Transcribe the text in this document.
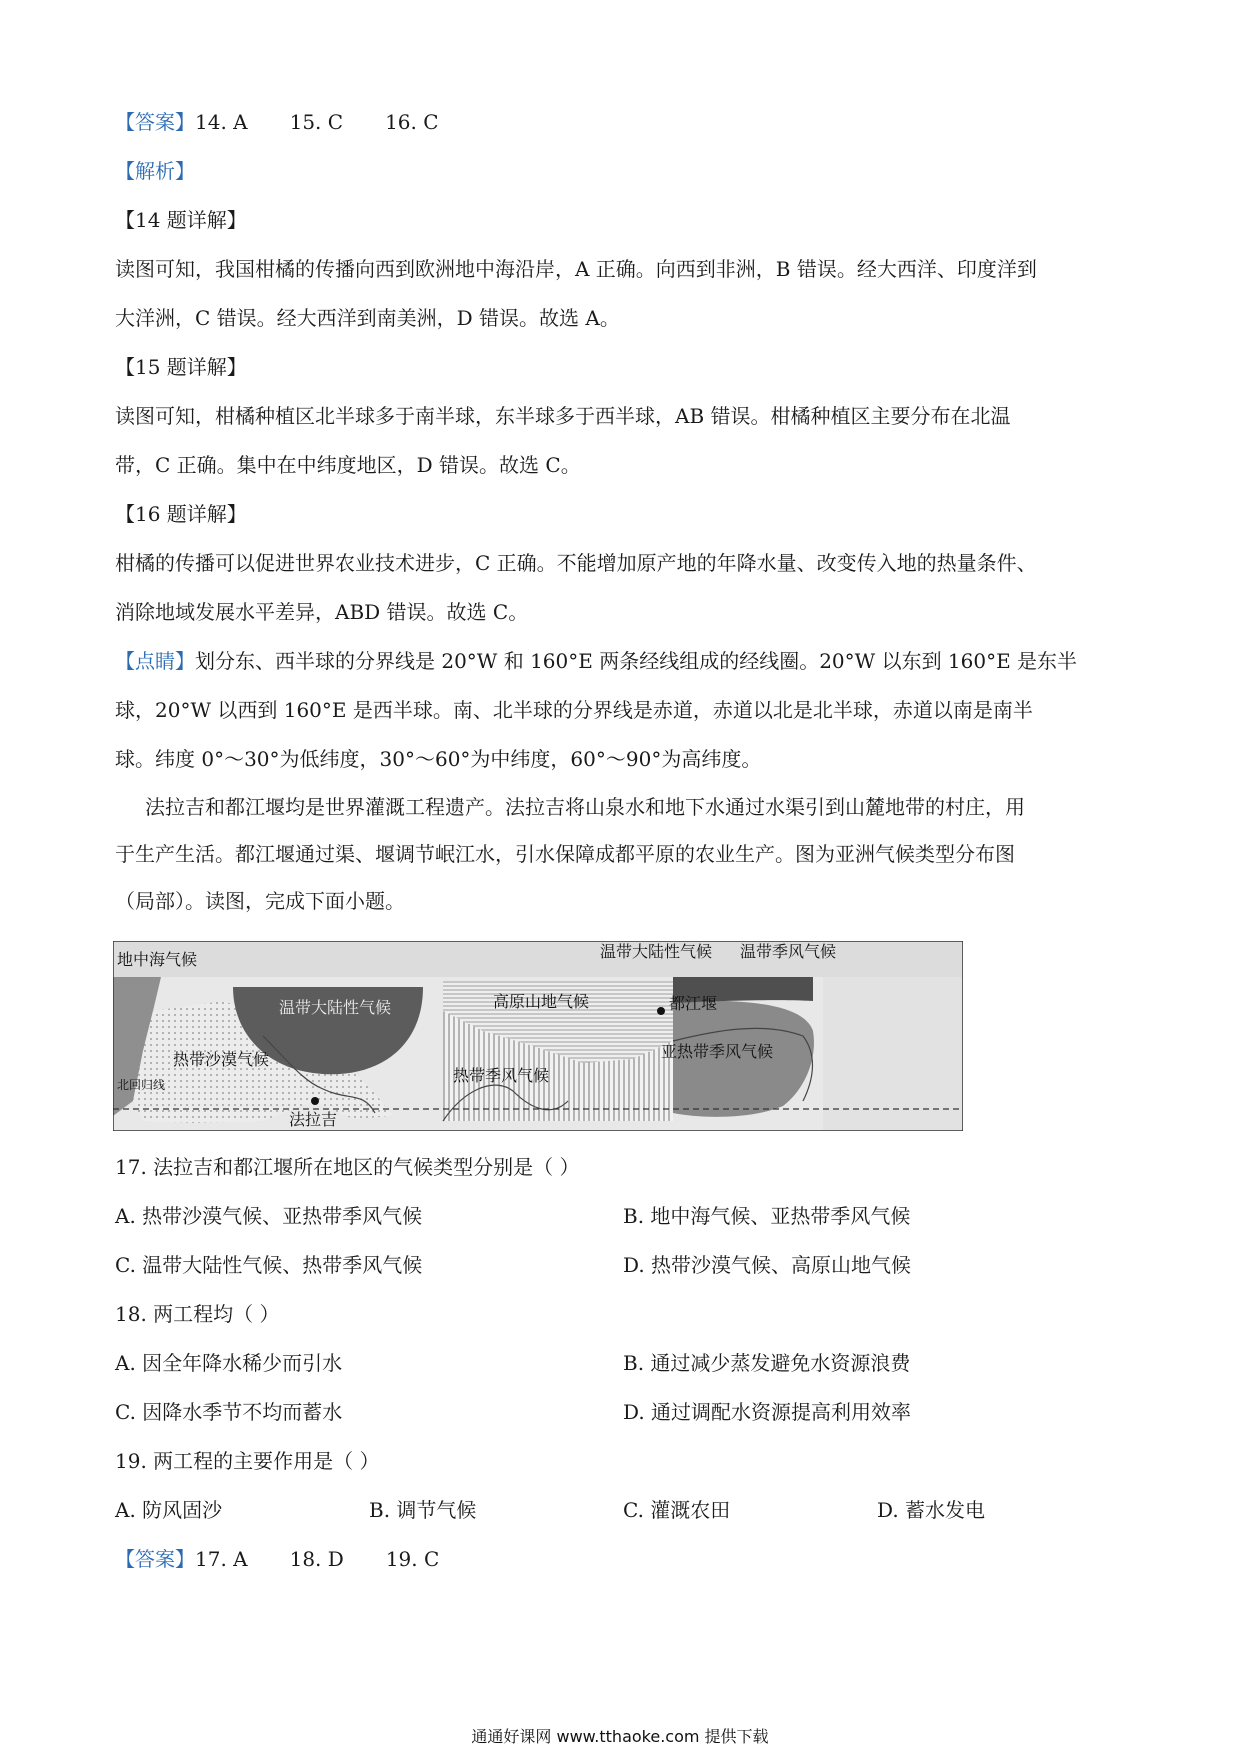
【答案】14. A 15. C 16. C
【解析】
【14 题详解】
读图可知，我国柑橘的传播向西到欧洲地中海沿岸，A 正确。向西到非洲，B 错误。经大西洋、印度洋到
大洋洲，C 错误。经大西洋到南美洲，D 错误。故选 A。
【15 题详解】
读图可知，柑橘种植区北半球多于南半球，东半球多于西半球，AB 错误。柑橘种植区主要分布在北温
带，C 正确。集中在中纬度地区，D 错误。故选 C。
【16 题详解】
柑橘的传播可以促进世界农业技术进步，C 正确。不能增加原产地的年降水量、改变传入地的热量条件、
消除地域发展水平差异，ABD 错误。故选 C。
【点睛】划分东、西半球的分界线是 20°W 和 160°E 两条经线组成的经线圈。20°W 以东到 160°E 是东半
球，20°W 以西到 160°E 是西半球。南、北半球的分界线是赤道，赤道以北是北半球，赤道以南是南半
球。纬度 0°～30°为低纬度，30°～60°为中纬度，60°～90°为高纬度。
法拉吉和都江堰均是世界灌溉工程遗产。法拉吉将山泉水和地下水通过水渠引到山麓地带的村庄，用
于生产生活。都江堰通过渠、堰调节岷江水，引水保障成都平原的农业生产。图为亚洲气候类型分布图
（局部）。读图，完成下面小题。
地中海气候	温带大陆性气候 温带季风气候
温带大陆性气候	高原山地气候	都江堰
热带沙漠气候	亚热带季风气候
热带季风气候
北回归线
法拉吉
17. 法拉吉和都江堰所在地区的气候类型分别是（ ）
A. 热带沙漠气候、亚热带季风气候	B. 地中海气候、亚热带季风气候
C. 温带大陆性气候、热带季风气候	D. 热带沙漠气候、高原山地气候
18. 两工程均（ ）
A. 因全年降水稀少而引水	B. 通过减少蒸发避免水资源浪费
C. 因降水季节不均而蓄水	D. 通过调配水资源提高利用效率
19. 两工程的主要作用是（ ）
A. 防风固沙	B. 调节气候	C. 灌溉农田	D. 蓄水发电
【答案】17. A 18. D 19. C
通通好课网 www.tthaoke.com 提供下载
